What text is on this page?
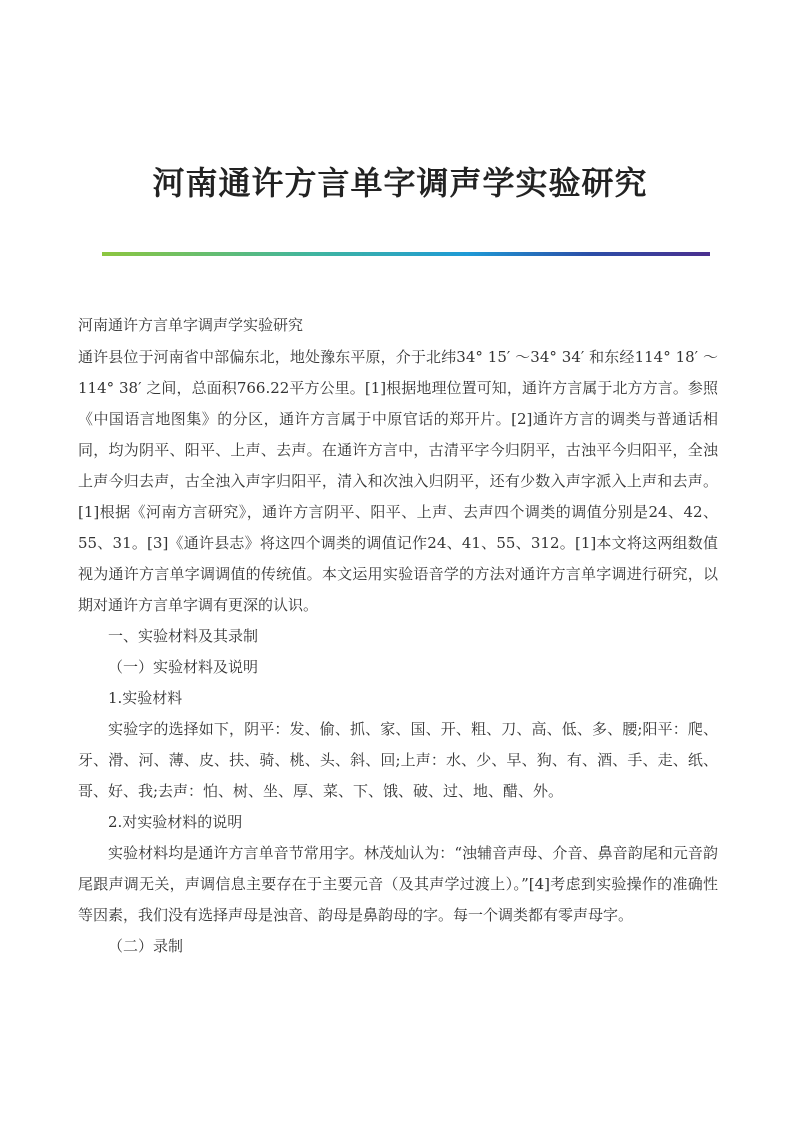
河南通许方言单字调声学实验研究

河南通许方言单字调声学实验研究

通许县位于河南省中部偏东北，地处豫东平原，介于北纬34° 15′ ～34° 34′ 和东经114° 18′ ～114° 38′ 之间，总面积766.22平方公里。[1]根据地理位置可知，通许方言属于北方方言。参照《中国语言地图集》的分区，通许方言属于中原官话的郑开片。[2]通许方言的调类与普通话相同，均为阴平、阳平、上声、去声。在通许方言中，古清平字今归阴平，古浊平今归阳平，全浊上声今归去声，古全浊入声字归阳平，清入和次浊入归阴平，还有少数入声字派入上声和去声。[1]根据《河南方言研究》，通许方言阴平、阳平、上声、去声四个调类的调值分别是24、42、55、31。[3]《通许县志》将这四个调类的调值记作24、41、55、312。[1]本文将这两组数值视为通许方言单字调调值的传统值。本文运用实验语音学的方法对通许方言单字调进行研究，以期对通许方言单字调有更深的认识。

一、实验材料及其录制

（一）实验材料及说明

1.实验材料

实验字的选择如下，阴平：发、偷、抓、家、国、开、粗、刀、高、低、多、腰;阳平：爬、牙、滑、河、薄、皮、扶、骑、桃、头、斜、回;上声：水、少、早、狗、有、酒、手、走、纸、哥、好、我;去声：怕、树、坐、厚、菜、下、饿、破、过、地、醋、外。

2.对实验材料的说明

实验材料均是通许方言单音节常用字。林茂灿认为：“浊辅音声母、介音、鼻音韵尾和元音韵尾跟声调无关，声调信息主要存在于主要元音（及其声学过渡上）。”[4]考虑到实验操作的准确性等因素，我们没有选择声母是浊音、韵母是鼻韵母的字。每一个调类都有零声母字。

（二）录制
